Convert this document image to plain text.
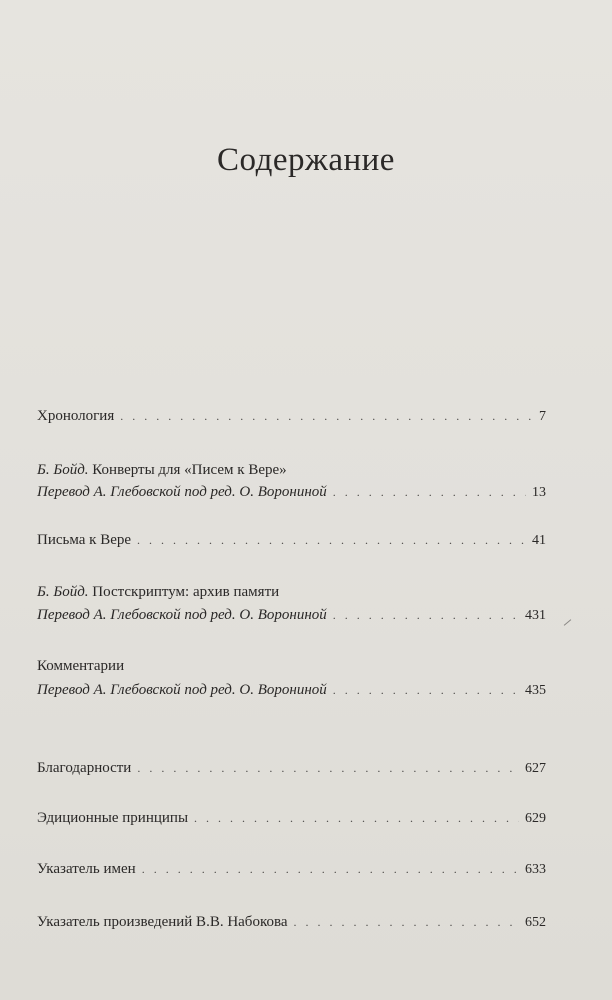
Содержание
Хронология . . .	7
Б. Бойд. Конверты для «Писем к Вере»
Перевод А. Глебовской под ред. О. Ворониной . . .	13
Письма к Вере . . .	41
Б. Бойд. Постскриптум: архив памяти
Перевод А. Глебовской под ред. О. Ворониной . . .	431
Комментарии
Перевод А. Глебовской под ред. О. Ворониной . . .	435
Благодарности . . .	627
Эдиционные принципы . . .	629
Указатель имен . . .	633
Указатель произведений В.В. Набокова . . .	652
